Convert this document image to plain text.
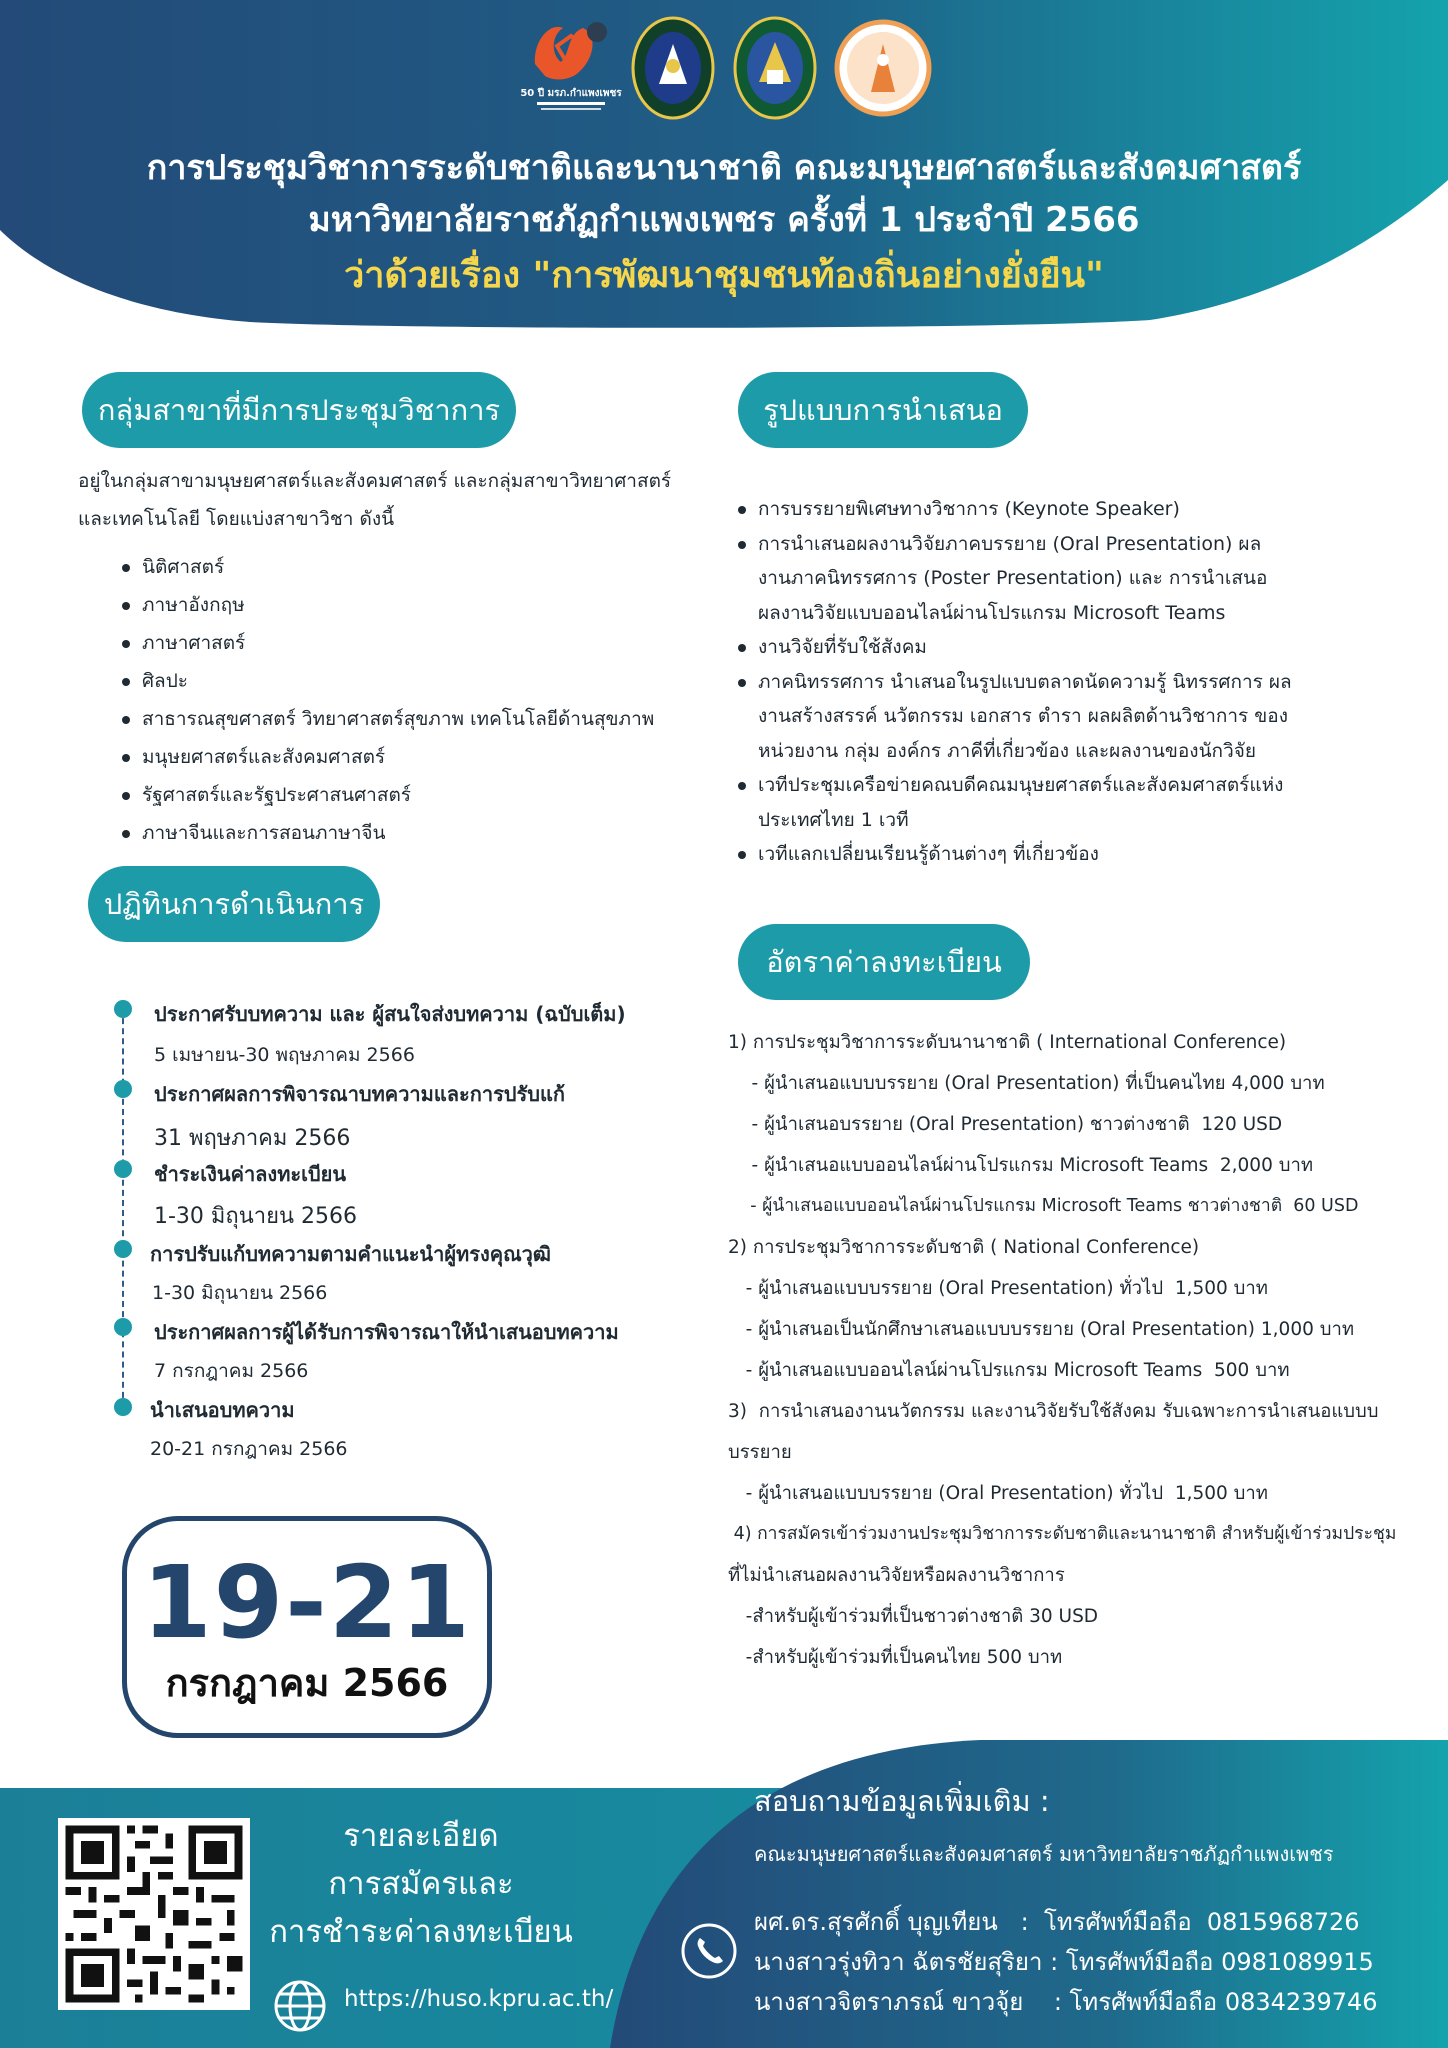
50 ปี มรภ.กำแพงเพชร
การประชุมวิชาการระดับชาติและนานาชาติ คณะมนุษยศาสตร์และสังคมศาสตร์
มหาวิทยาลัยราชภัฏกำแพงเพชร ครั้งที่ 1 ประจำปี 2566
ว่าด้วยเรื่อง "การพัฒนาชุมชนท้องถิ่นอย่างยั่งยืน"
กลุ่มสาขาที่มีการประชุมวิชาการ
อยู่ในกลุ่มสาขามนุษยศาสตร์และสังคมศาสตร์ และกลุ่มสาขาวิทยาศาสตร์
และเทคโนโลยี โดยแบ่งสาขาวิชา ดังนี้
นิติศาสตร์
ภาษาอังกฤษ
ภาษาศาสตร์
ศิลปะ
สาธารณสุขศาสตร์ วิทยาศาสตร์สุขภาพ เทคโนโลยีด้านสุขภาพ
มนุษยศาสตร์และสังคมศาสตร์
รัฐศาสตร์และรัฐประศาสนศาสตร์
ภาษาจีนและการสอนภาษาจีน
รูปแบบการนำเสนอ
การบรรยายพิเศษทางวิชาการ (Keynote Speaker)
การนำเสนอผลงานวิจัยภาคบรรยาย (Oral Presentation) ผล
งานภาคนิทรรศการ (Poster Presentation) และ การนำเสนอ
ผลงานวิจัยแบบออนไลน์ผ่านโปรแกรม Microsoft Teams
งานวิจัยที่รับใช้สังคม
ภาคนิทรรศการ นำเสนอในรูปแบบตลาดนัดความรู้ นิทรรศการ ผล
งานสร้างสรรค์ นวัตกรรม เอกสาร ตำรา ผลผลิตด้านวิชาการ ของ
หน่วยงาน กลุ่ม องค์กร ภาคีที่เกี่ยวข้อง และผลงานของนักวิจัย
เวทีประชุมเครือข่ายคณบดีคณมนุษยศาสตร์และสังคมศาสตร์แห่ง
ประเทศไทย 1 เวที
เวทีแลกเปลี่ยนเรียนรู้ด้านต่างๆ ที่เกี่ยวข้อง
ปฏิทินการดำเนินการ
ประกาศรับบทความ และ ผู้สนใจส่งบทความ (ฉบับเต็ม)
5 เมษายน-30 พฤษภาคม 2566
ประกาศผลการพิจารณาบทความและการปรับแก้
31 พฤษภาคม 2566
ชำระเงินค่าลงทะเบียน
1-30 มิถุนายน 2566
การปรับแก้บทความตามคำแนะนำผู้ทรงคุณวุฒิ
1-30 มิถุนายน 2566
ประกาศผลการผู้ได้รับการพิจารณาให้นำเสนอบทความ
7 กรกฎาคม 2566
นำเสนอบทความ
20-21 กรกฎาคม 2566
อัตราค่าลงทะเบียน
1) การประชุมวิชาการระดับนานาชาติ ( International Conference)
- ผู้นำเสนอแบบบรรยาย (Oral Presentation) ที่เป็นคนไทย 4,000 บาท
- ผู้นำเสนอบรรยาย (Oral Presentation) ชาวต่างชาติ  120 USD
- ผู้นำเสนอแบบออนไลน์ผ่านโปรแกรม Microsoft Teams  2,000 บาท
- ผู้นำเสนอแบบออนไลน์ผ่านโปรแกรม Microsoft Teams ชาวต่างชาติ  60 USD
2) การประชุมวิชาการระดับชาติ ( National Conference)
- ผู้นำเสนอแบบบรรยาย (Oral Presentation) ทั่วไป  1,500 บาท
- ผู้นำเสนอเป็นนักศึกษาเสนอแบบบรรยาย (Oral Presentation) 1,000 บาท
- ผู้นำเสนอแบบออนไลน์ผ่านโปรแกรม Microsoft Teams  500 บาท
3)  การนำเสนองานนวัตกรรม และงานวิจัยรับใช้สังคม รับเฉพาะการนำเสนอแบบบ
บรรยาย
- ผู้นำเสนอแบบบรรยาย (Oral Presentation) ทั่วไป  1,500 บาท
4) การสมัครเข้าร่วมงานประชุมวิชาการระดับชาติและนานาชาติ สำหรับผู้เข้าร่วมประชุม
ที่ไม่นำเสนอผลงานวิจัยหรือผลงานวิชาการ
-สำหรับผู้เข้าร่วมที่เป็นชาวต่างชาติ 30 USD
-สำหรับผู้เข้าร่วมที่เป็นคนไทย 500 บาท
19-21
กรกฎาคม 2566
รายละเอียด
การสมัครและ
การชำระค่าลงทะเบียน
https://huso.kpru.ac.th/
สอบถามข้อมูลเพิ่มเติม :
คณะมนุษยศาสตร์และสังคมศาสตร์ มหาวิทยาลัยราชภัฏกำแพงเพชร
ผศ.ดร.สุรศักดิ์ บุญเทียน   :  โทรศัพท์มือถือ  0815968726
นางสาวรุ่งทิวา ฉัตรชัยสุริยา : โทรศัพท์มือถือ 0981089915
นางสาวจิตราภรณ์ ขาวจุ้ย    : โทรศัพท์มือถือ 0834239746
